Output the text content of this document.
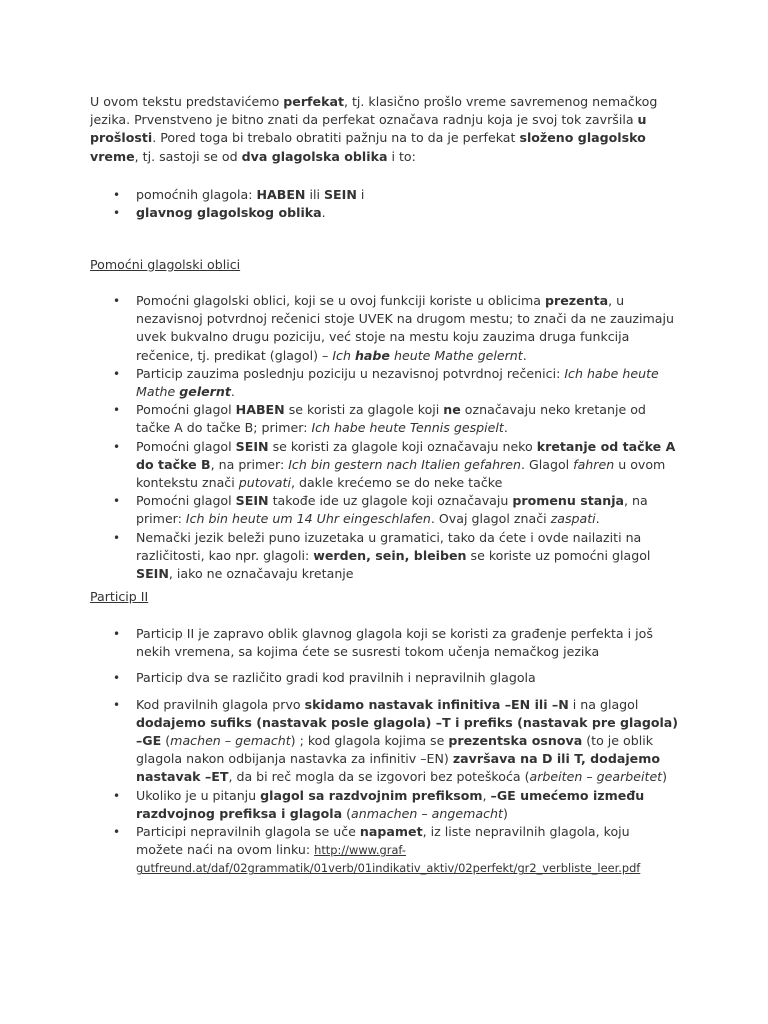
U ovom tekstu predstavićemo perfekat, tj. klasično prošlo vreme savremenog nemačkog jezika. Prvenstveno je bitno znati da perfekat označava radnju koja je svoj tok završila u prošlosti. Pored toga bi trebalo obratiti pažnju na to da je perfekat složeno glagolsko vreme, tj. sastoji se od dva glagolska oblika i to:

• pomoćnih glagola: HABEN ili SEIN i
• glavnog glagolskog oblika.

Pomoćni glagolski oblici

• Pomoćni glagolski oblici, koji se u ovoj funkciji koriste u oblicima prezenta, u nezavisnoj potvrdnoj rečenici stoje UVEK na drugom mestu; to znači da ne zauzimaju uvek bukvalno drugu poziciju, već stoje na mestu koju zauzima druga funkcija rečenice, tj. predikat (glagol) – Ich habe heute Mathe gelernt.
• Particip zauzima poslednju poziciju u nezavisnoj potvrdnoj rečenici: Ich habe heute Mathe gelernt.
• Pomoćni glagol HABEN se koristi za glagole koji ne označavaju neko kretanje od tačke A do tačke B; primer: Ich habe heute Tennis gespielt.
• Pomoćni glagol SEIN se koristi za glagole koji označavaju neko kretanje od tačke A do tačke B, na primer: Ich bin gestern nach Italien gefahren. Glagol fahren u ovom kontekstu znači putovati, dakle krećemo se do neke tačke
• Pomoćni glagol SEIN takođe ide uz glagole koji označavaju promenu stanja, na primer: Ich bin heute um 14 Uhr eingeschlafen. Ovaj glagol znači zaspati.
• Nemački jezik beleži puno izuzetaka u gramatici, tako da ćete i ovde nailaziti na različitosti, kao npr. glagoli: werden, sein, bleiben se koriste uz pomoćni glagol SEIN, iako ne označavaju kretanje

Particip II

• Particip II je zapravo oblik glavnog glagola koji se koristi za građenje perfekta i još nekih vremena, sa kojima ćete se susresti tokom učenja nemačkog jezika
• Particip dva se različito gradi kod pravilnih i nepravilnih glagola
• Kod pravilnih glagola prvo skidamo nastavak infinitiva –EN ili –N i na glagol dodajemo sufiks (nastavak posle glagola) –T i prefiks (nastavak pre glagola) –GE (machen – gemacht) ; kod glagola kojima se prezentska osnova (to je oblik glagola nakon odbijanja nastavka za infinitiv –EN) završava na D ili T, dodajemo nastavak –ET, da bi reč mogla da se izgovori bez poteškoća (arbeiten – gearbeitet)
• Ukoliko je u pitanju glagol sa razdvojnim prefiksom, –GE umećemo između razdvojnog prefiksa i glagola (anmachen – angemacht)
• Participi nepravilnih glagola se uče napamet, iz liste nepravilnih glagola, koju možete naći na ovom linku: http://www.graf-gutfreund.at/daf/02grammatik/01verb/01indikativ_aktiv/02perfekt/gr2_verbliste_leer.pdf
